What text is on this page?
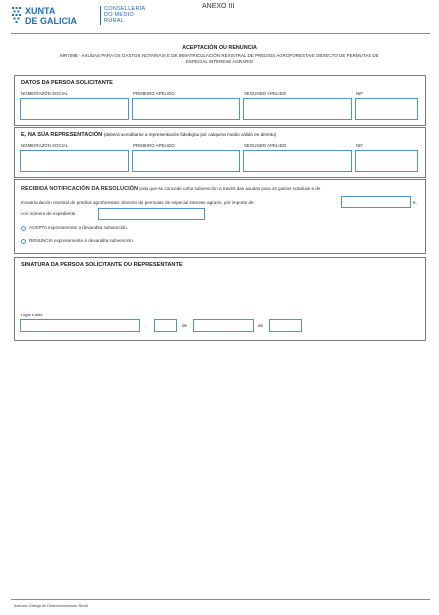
XUNTA
DE GALICIA
CONSELLERÍA
DO MEDIO
RURAL
ANEXO III
ACEPTACIÓN OU RENUNCIA
MR709B - AXUDAS PARA OS GASTOS NOTARIAIS E DE INMATRICULACIÓN REXISTRAL DE PREDIOS AGROFORESTAIS OBXECTO DE PERMUTAS DE
ESPECIAL INTERESE AGRARIO
DATOS DA PERSOA SOLICITANTE
NOME/RAZÓN SOCIAL	PRIMEIRO APELIDO	SEGUNDO APELIDO	NIF
E, NA SÚA REPRESENTACIÓN (deberá acreditarse a representación fidedigna por calquera medio válido en dereito)
NOME/RAZÓN SOCIAL	PRIMEIRO APELIDO	SEGUNDO APELIDO	NIF
RECIBIDA NOTIFICACIÓN DA RESOLUCIÓN pola que se concede unha subvención a través das axudas para os gastos notariais e de
inmatriculación rexistral de predios agroforestais obxecto de permutas de especial interese agrario, por importe de	€,
con número de expediente
ACEPTA expresamente a devandita subvención.
RENUNCIA expresamente á devandita subvención.
SINATURA DA PERSOA SOLICITANTE OU REPRESENTANTE
Lugar e data
,	de	de
Axencia Galega de Desenvolvemento Rural
